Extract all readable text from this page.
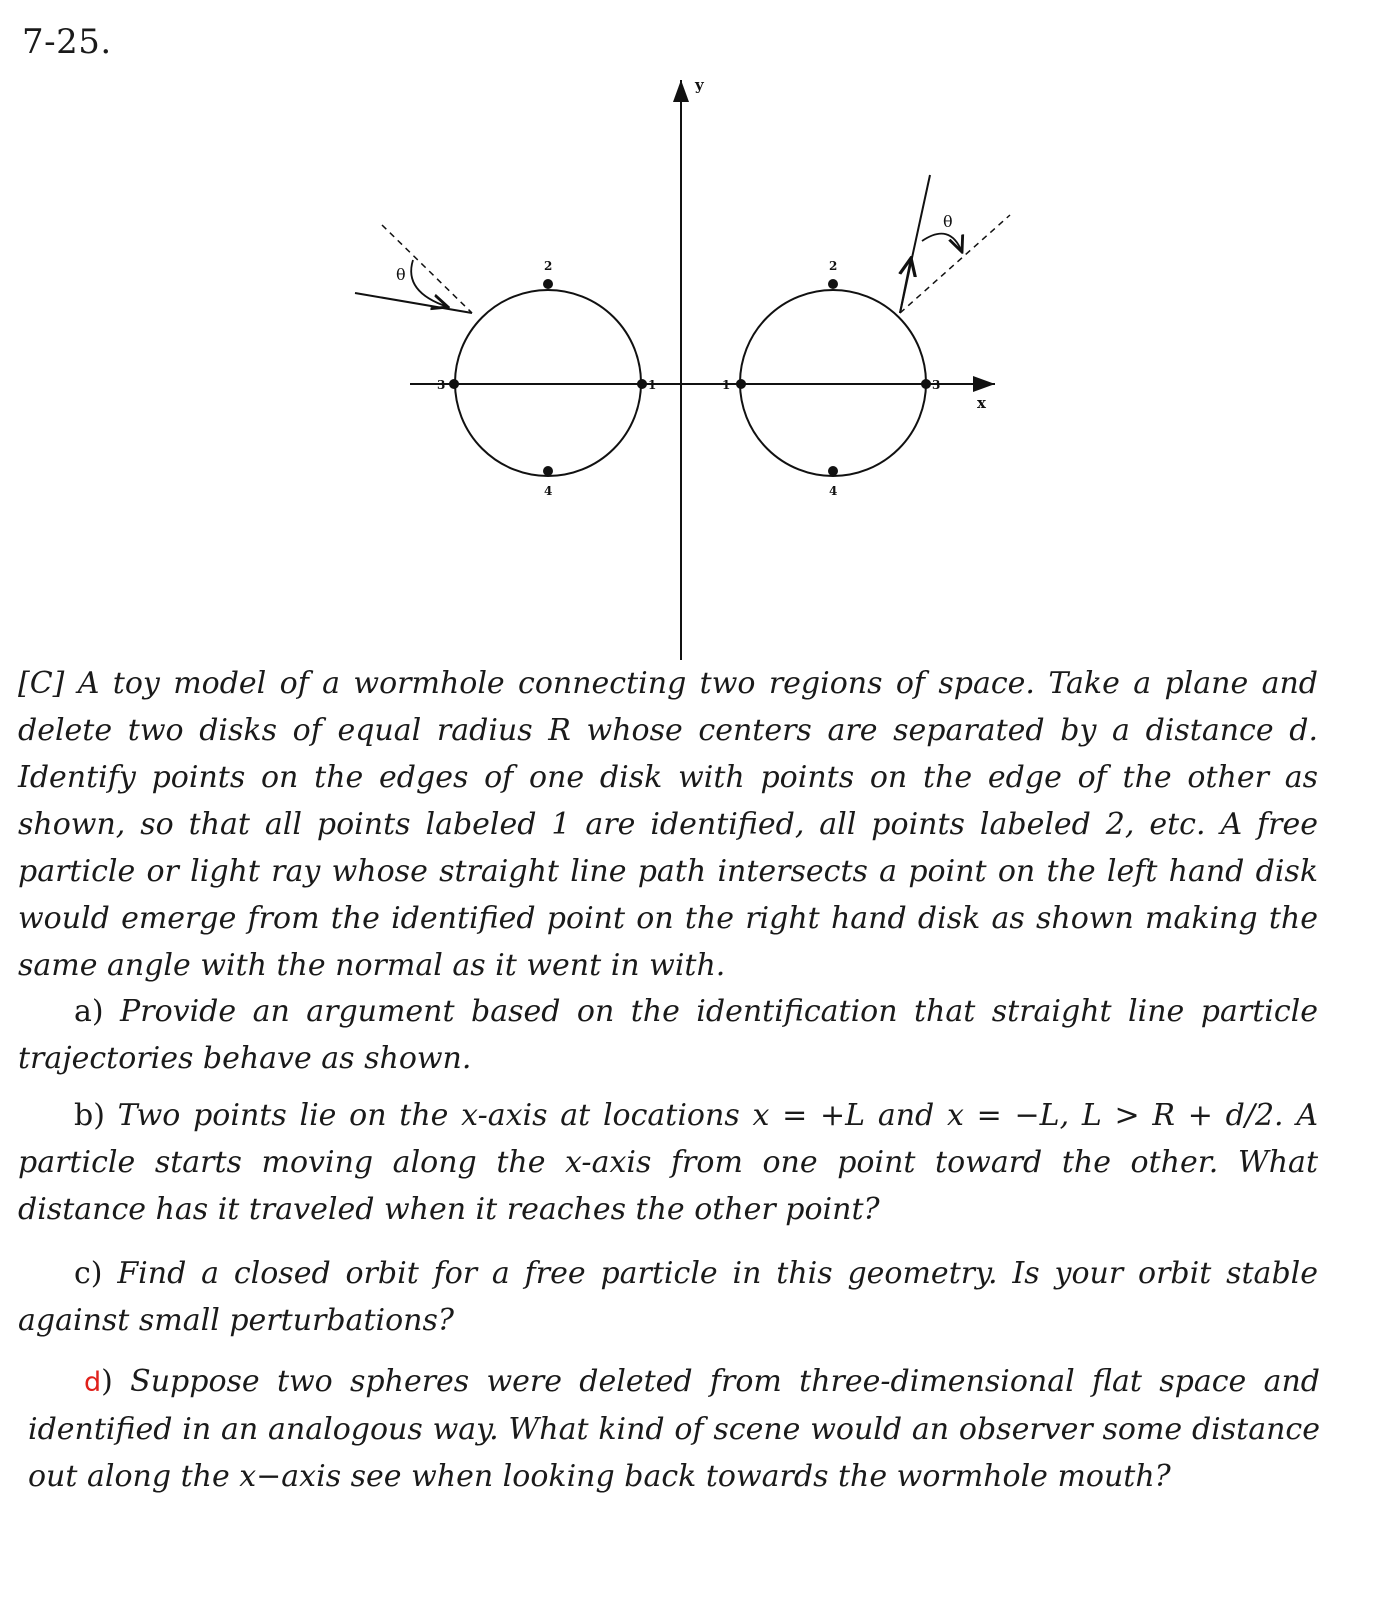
7-25.
y
x
2
1
3
4
2
1	3
4
θ
θ

[C] A toy model of a wormhole connecting two regions of space. Take a plane and delete two disks of equal radius R whose centers are separated by a distance d. Identify points on the edges of one disk with points on the edge of the other as shown, so that all points labeled 1 are identified, all points labeled 2, etc. A free particle or light ray whose straight line path intersects a point on the left hand disk would emerge from the identified point on the right hand disk as shown making the same angle with the normal as it went in with.

a) Provide an argument based on the identification that straight line particle trajectories behave as shown.

b) Two points lie on the x-axis at locations x = +L and x = −L, L > R + d/2. A particle starts moving along the x-axis from one point toward the other. What distance has it traveled when it reaches the other point?

c) Find a closed orbit for a free particle in this geometry. Is your orbit stable against small perturbations?

d) Suppose two spheres were deleted from three-dimensional flat space and identified in an analogous way. What kind of scene would an observer some distance out along the x−axis see when looking back towards the wormhole mouth?
